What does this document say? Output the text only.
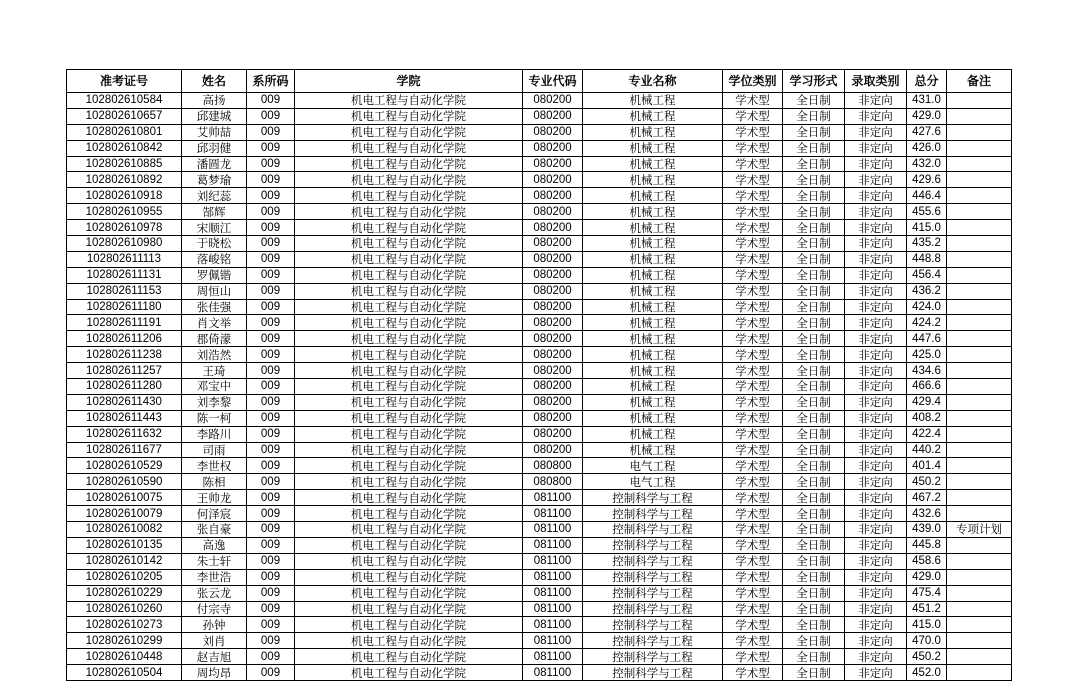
准考证号	姓名	系所码	学院	专业代码	专业名称	学位类别	学习形式	录取类别	总分	备注
102802610584	高扬	009	机电工程与自动化学院	080200	机械工程	学术型	全日制	非定向	431.0	
102802610657	邱建城	009	机电工程与自动化学院	080200	机械工程	学术型	全日制	非定向	429.0	
102802610801	艾帅喆	009	机电工程与自动化学院	080200	机械工程	学术型	全日制	非定向	427.6	
102802610842	邱羽健	009	机电工程与自动化学院	080200	机械工程	学术型	全日制	非定向	426.0	
102802610885	潘圆龙	009	机电工程与自动化学院	080200	机械工程	学术型	全日制	非定向	432.0	
102802610892	葛梦瑜	009	机电工程与自动化学院	080200	机械工程	学术型	全日制	非定向	429.6	
102802610918	刘纪蕊	009	机电工程与自动化学院	080200	机械工程	学术型	全日制	非定向	446.4	
102802610955	郜辉	009	机电工程与自动化学院	080200	机械工程	学术型	全日制	非定向	455.6	
102802610978	宋顺江	009	机电工程与自动化学院	080200	机械工程	学术型	全日制	非定向	415.0	
102802610980	于晓松	009	机电工程与自动化学院	080200	机械工程	学术型	全日制	非定向	435.2	
102802611113	落峻铭	009	机电工程与自动化学院	080200	机械工程	学术型	全日制	非定向	448.8	
102802611131	罗佩锴	009	机电工程与自动化学院	080200	机械工程	学术型	全日制	非定向	456.4	
102802611153	周恒山	009	机电工程与自动化学院	080200	机械工程	学术型	全日制	非定向	436.2	
102802611180	张佳强	009	机电工程与自动化学院	080200	机械工程	学术型	全日制	非定向	424.0	
102802611191	肖文举	009	机电工程与自动化学院	080200	机械工程	学术型	全日制	非定向	424.2	
102802611206	郡倚濛	009	机电工程与自动化学院	080200	机械工程	学术型	全日制	非定向	447.6	
102802611238	刘浩然	009	机电工程与自动化学院	080200	机械工程	学术型	全日制	非定向	425.0	
102802611257	王琦	009	机电工程与自动化学院	080200	机械工程	学术型	全日制	非定向	434.6	
102802611280	邓宝中	009	机电工程与自动化学院	080200	机械工程	学术型	全日制	非定向	466.6	
102802611430	刘李黎	009	机电工程与自动化学院	080200	机械工程	学术型	全日制	非定向	429.4	
102802611443	陈一柯	009	机电工程与自动化学院	080200	机械工程	学术型	全日制	非定向	408.2	
102802611632	李路川	009	机电工程与自动化学院	080200	机械工程	学术型	全日制	非定向	422.4	
102802611677	司雨	009	机电工程与自动化学院	080200	机械工程	学术型	全日制	非定向	440.2	
102802610529	李世权	009	机电工程与自动化学院	080800	电气工程	学术型	全日制	非定向	401.4	
102802610590	陈相	009	机电工程与自动化学院	080800	电气工程	学术型	全日制	非定向	450.2	
102802610075	王帅龙	009	机电工程与自动化学院	081100	控制科学与工程	学术型	全日制	非定向	467.2	
102802610079	何泽宸	009	机电工程与自动化学院	081100	控制科学与工程	学术型	全日制	非定向	432.6	
102802610082	张自豪	009	机电工程与自动化学院	081100	控制科学与工程	学术型	全日制	非定向	439.0	专项计划
102802610135	高逸	009	机电工程与自动化学院	081100	控制科学与工程	学术型	全日制	非定向	445.8	
102802610142	朱士轩	009	机电工程与自动化学院	081100	控制科学与工程	学术型	全日制	非定向	458.6	
102802610205	李世浩	009	机电工程与自动化学院	081100	控制科学与工程	学术型	全日制	非定向	429.0	
102802610229	张云龙	009	机电工程与自动化学院	081100	控制科学与工程	学术型	全日制	非定向	475.4	
102802610260	付宗寺	009	机电工程与自动化学院	081100	控制科学与工程	学术型	全日制	非定向	451.2	
102802610273	孙钟	009	机电工程与自动化学院	081100	控制科学与工程	学术型	全日制	非定向	415.0	
102802610299	刘肖	009	机电工程与自动化学院	081100	控制科学与工程	学术型	全日制	非定向	470.0	
102802610448	赵吉旭	009	机电工程与自动化学院	081100	控制科学与工程	学术型	全日制	非定向	450.2	
102802610504	周均昂	009	机电工程与自动化学院	081100	控制科学与工程	学术型	全日制	非定向	452.0	
